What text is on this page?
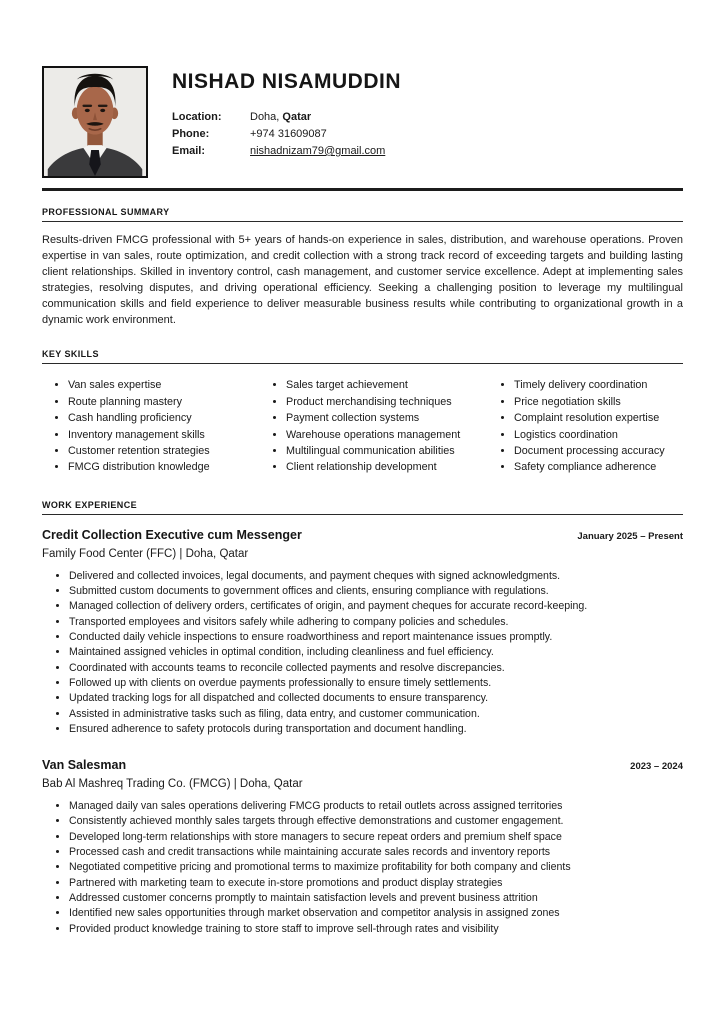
NISHAD NISAMUDDIN
Location:	Doha, Qatar
Phone:	+974 31609087
Email:	nishadnizam79@gmail.com
PROFESSIONAL SUMMARY

Results-driven FMCG professional with 5+ years of hands-on experience in sales, distribution, and warehouse operations. Proven expertise in van sales, route optimization, and credit collection with a strong track record of exceeding targets and building lasting client relationships. Skilled in inventory control, cash management, and customer service excellence. Adept at implementing sales strategies, resolving disputes, and driving operational efficiency. Seeking a challenging position to leverage my multilingual communication skills and field experience to deliver measurable business results while contributing to organizational growth in a dynamic work environment.

KEY SKILLS
• Van sales expertise
• Route planning mastery
• Cash handling proficiency
• Inventory management skills
• Customer retention strategies
• FMCG distribution knowledge
• Sales target achievement
• Product merchandising techniques
• Payment collection systems
• Warehouse operations management
• Multilingual communication abilities
• Client relationship development
• Timely delivery coordination
• Price negotiation skills
• Complaint resolution expertise
• Logistics coordination
• Document processing accuracy
• Safety compliance adherence
WORK EXPERIENCE
Credit Collection Executive cum Messenger	January 2025 – Present
Family Food Center (FFC) | Doha, Qatar
• Delivered and collected invoices, legal documents, and payment cheques with signed acknowledgments.
• Submitted custom documents to government offices and clients, ensuring compliance with regulations.
• Managed collection of delivery orders, certificates of origin, and payment cheques for accurate record-keeping.
• Transported employees and visitors safely while adhering to company policies and schedules.
• Conducted daily vehicle inspections to ensure roadworthiness and report maintenance issues promptly.
• Maintained assigned vehicles in optimal condition, including cleanliness and fuel efficiency.
• Coordinated with accounts teams to reconcile collected payments and resolve discrepancies.
• Followed up with clients on overdue payments professionally to ensure timely settlements.
• Updated tracking logs for all dispatched and collected documents to ensure transparency.
• Assisted in administrative tasks such as filing, data entry, and customer communication.
• Ensured adherence to safety protocols during transportation and document handling.
Van Salesman	2023 – 2024
Bab Al Mashreq Trading Co. (FMCG) | Doha, Qatar
• Managed daily van sales operations delivering FMCG products to retail outlets across assigned territories
• Consistently achieved monthly sales targets through effective demonstrations and customer engagement.
• Developed long-term relationships with store managers to secure repeat orders and premium shelf space
• Processed cash and credit transactions while maintaining accurate sales records and inventory reports
• Negotiated competitive pricing and promotional terms to maximize profitability for both company and clients
• Partnered with marketing team to execute in-store promotions and product display strategies
• Addressed customer concerns promptly to maintain satisfaction levels and prevent business attrition
• Identified new sales opportunities through market observation and competitor analysis in assigned zones
• Provided product knowledge training to store staff to improve sell-through rates and visibility
